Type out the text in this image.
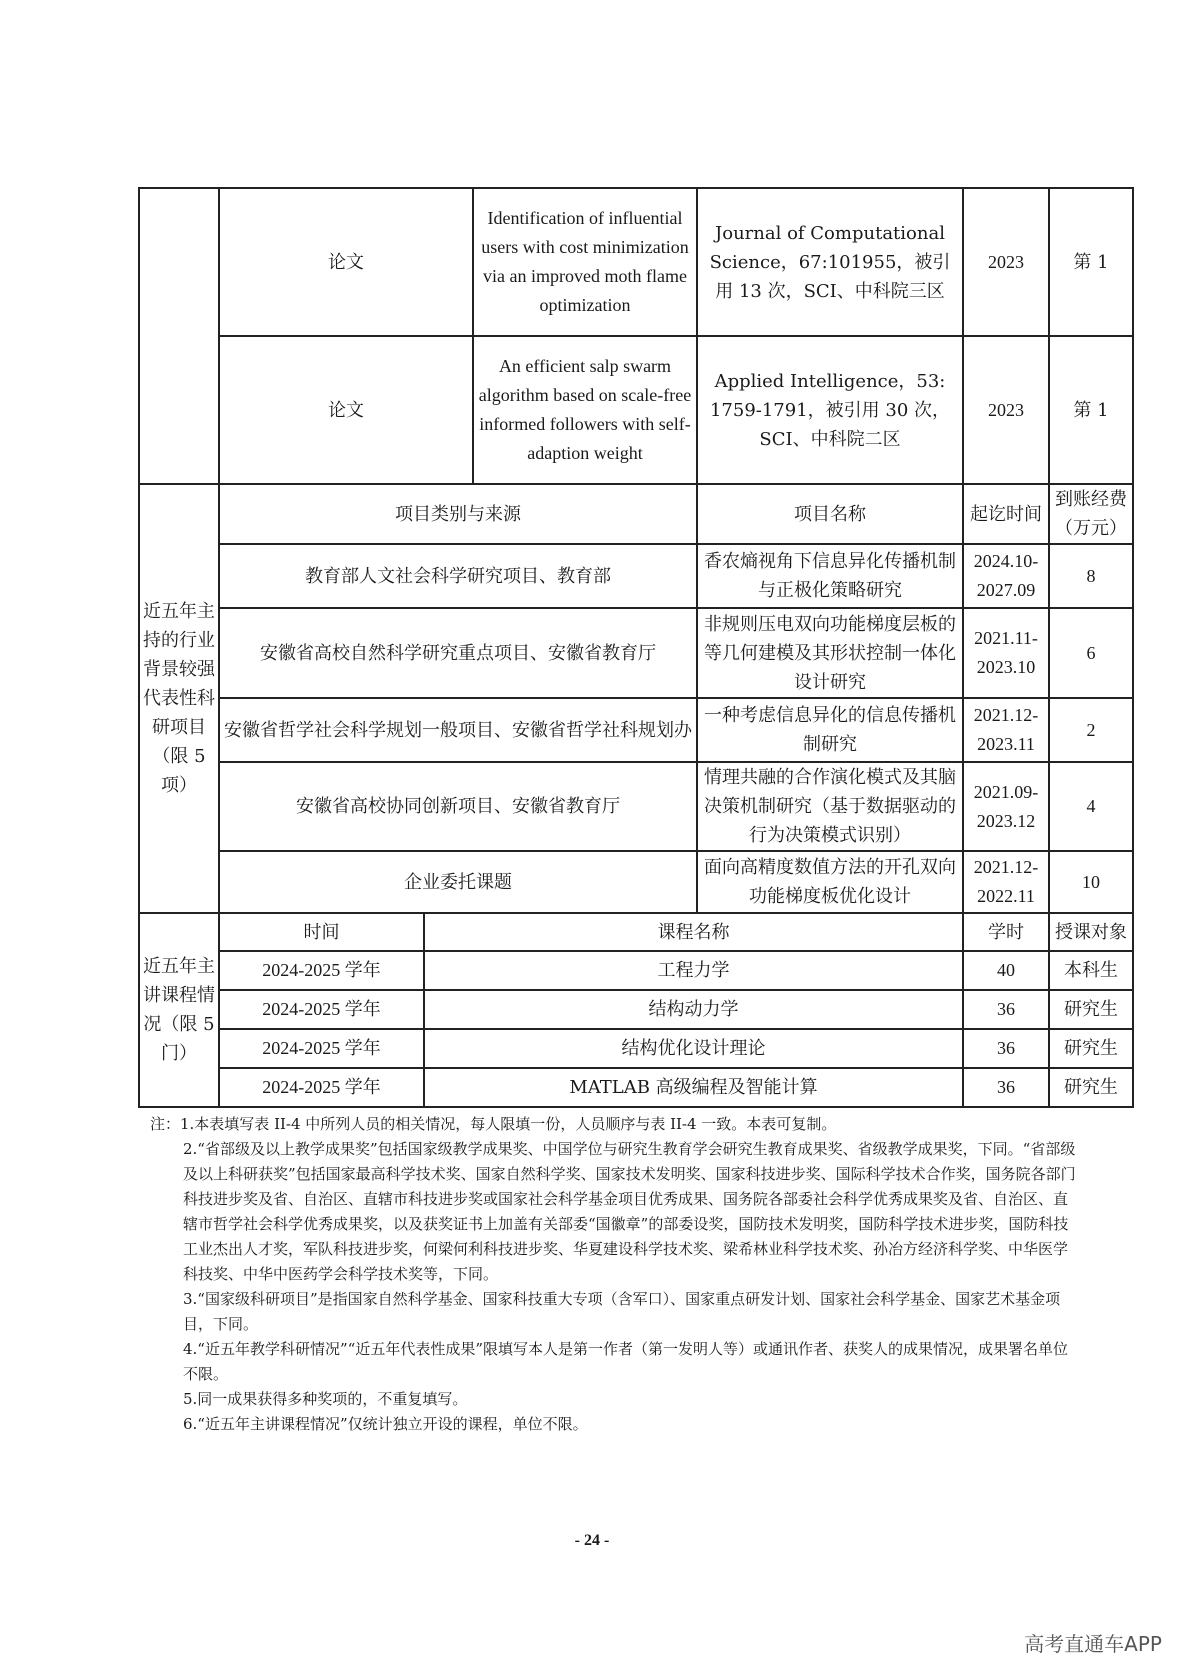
	论文		Identification of influential users with cost minimization via an improved moth flame optimization	Journal of Computational Science，67:101955，被引用 13 次，SCI、中科院三区	2023	第 1
	论文		An efficient salp swarm algorithm based on scale-free informed followers with self-adaption weight	Applied Intelligence，53: 1759-1791，被引用 30 次，SCI、中科院二区	2023	第 1
近五年主持的行业背景较强代表性科研项目（限 5 项）	项目类别与来源			项目名称	起讫时间	到账经费（万元）
	教育部人文社会科学研究项目、教育部			香农熵视角下信息异化传播机制与正极化策略研究	2024.10-2027.09	8
	安徽省高校自然科学研究重点项目、安徽省教育厅			非规则压电双向功能梯度层板的等几何建模及其形状控制一体化设计研究	2021.11-2023.10	6
	安徽省哲学社会科学规划一般项目、安徽省哲学社科规划办			一种考虑信息异化的信息传播机制研究	2021.12-2023.11	2
	安徽省高校协同创新项目、安徽省教育厅			情理共融的合作演化模式及其脑决策机制研究（基于数据驱动的行为决策模式识别）	2021.09-2023.12	4
	企业委托课题			面向高精度数值方法的开孔双向功能梯度板优化设计	2021.12-2022.11	10
近五年主讲课程情况（限 5 门）	时间	课程名称			学时	授课对象
	2024-2025 学年	工程力学			40	本科生
	2024-2025 学年	结构动力学			36	研究生
	2024-2025 学年	结构优化设计理论			36	研究生
	2024-2025 学年	MATLAB 高级编程及智能计算			36	研究生

注：1.本表填写表 II-4 中所列人员的相关情况，每人限填一份，人员顺序与表 II-4 一致。本表可复制。

2.“省部级及以上教学成果奖”包括国家级教学成果奖、中国学位与研究生教育学会研究生教育成果奖、省级教学成果奖，下同。“省部级及以上科研获奖”包括国家最高科学技术奖、国家自然科学奖、国家技术发明奖、国家科技进步奖、国际科学技术合作奖，国务院各部门科技进步奖及省、自治区、直辖市科技进步奖或国家社会科学基金项目优秀成果、国务院各部委社会科学优秀成果奖及省、自治区、直辖市哲学社会科学优秀成果奖，以及获奖证书上加盖有关部委“国徽章”的部委设奖，国防技术发明奖，国防科学技术进步奖，国防科技工业杰出人才奖，军队科技进步奖，何梁何利科技进步奖、华夏建设科学技术奖、梁希林业科学技术奖、孙冶方经济科学奖、中华医学科技奖、中华中医药学会科学技术奖等，下同。

3.“国家级科研项目”是指国家自然科学基金、国家科技重大专项（含军口）、国家重点研发计划、国家社会科学基金、国家艺术基金项目，下同。

4.“近五年教学科研情况”“近五年代表性成果”限填写本人是第一作者（第一发明人等）或通讯作者、获奖人的成果情况，成果署名单位不限。

5.同一成果获得多种奖项的，不重复填写。

6.“近五年主讲课程情况”仅统计独立开设的课程，单位不限。

- 24 -
高考直通车APP
